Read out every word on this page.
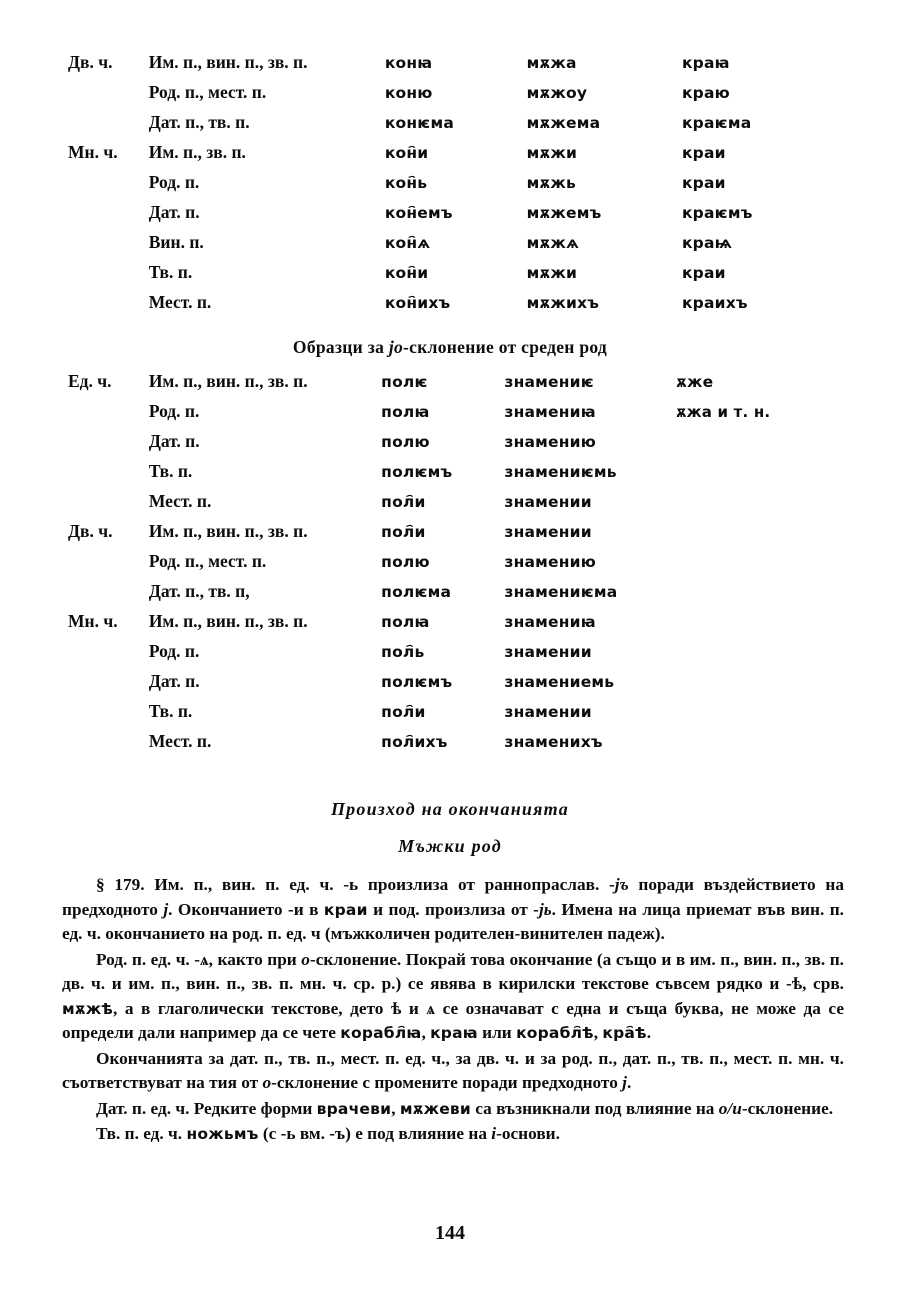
Дв. ч.	Им. п., вин. п., зв. п.	конꙗ	мѫжа	краꙗ
	Род. п., мест. п.	коню	мѫжоу	краю
	Дат. п., тв. п.	конѥма	мѫжема	краѥма
Мн. ч.	Им. п., зв. п.	кон҄и	мѫжи	краи
	Род. п.	кон҄ь	мѫжь	краи
	Дат. п.	кон҄емъ	мѫжемъ	краѥмъ
	Вин. п.	кон҄ѧ	мѫжѧ	краѩ
	Тв. п.	кон҄и	мѫжи	краи
	Мест. п.	кон҄ихъ	мѫжихъ	краихъ
Образци за jo-склонение от среден род
Ед. ч.	Им. п., вин. п., зв. п.	полѥ	знамениѥ	ѫже
	Род. п.	полꙗ	знамениꙗ	ѫжа и т. н.
	Дат. п.	полю	знамению	
	Тв. п.	полѥмъ	знамениѥмь	
	Мест. п.	пол҄и	знамении	
Дв. ч.	Им. п., вин. п., зв. п.	пол҄и	знамении	
	Род. п., мест. п.	полю	знамению	
	Дат. п., тв. п,	полѥма	знамениѥма	
Мн. ч.	Им. п., вин. п., зв. п.	полꙗ	знамениꙗ	
	Род. п.	пол҄ь	знамении	
	Дат. п.	полѥмъ	знамениемь	
	Тв. п.	пол҄и	знамении	
	Мест. п.	пол҄ихъ	знаменихъ	
Произход на окончанията
Мъжки род

§ 179. Им. п., вин. п. ед. ч. -ь произлиза от раннопраслав. -jъ поради въздействието на предходното j. Окончанието -и в краи и под. произлиза от -jь. Имена на лица приемат във вин. п. ед. ч. окончанието на род. п. ед. ч (мъжколичен родителен-винителен падеж).

Род. п. ед. ч. -ѧ, както при о-склонение. Покрай това окончание (а също и в им. п., вин. п., зв. п. дв. ч. и им. п., вин. п., зв. п. мн. ч. ср. р.) се явява в кирилски текстове съвсем рядко и -ѣ, срв. мѫжѣ, а в глаголически текстове, дето ѣ и ѧ се означават с една и съща буква, не може да се определи дали например да се чете корабл҄ꙗ, краꙗ или корабл҄ѣ, кра҄ѣ.

Окончанията за дат. п., тв. п., мест. п. ед. ч., за дв. ч. и за род. п., дат. п., тв. п., мест. п. мн. ч. съответствуват на тия от о-склонение с промените поради предходното j.

Дат. п. ед. ч. Редките форми врачеви, мѫжеви са възникнали под влияние на о/и-склонение.

Тв. п. ед. ч. ножьмъ (с -ь вм. -ъ) е под влияние на i-основи.

144
